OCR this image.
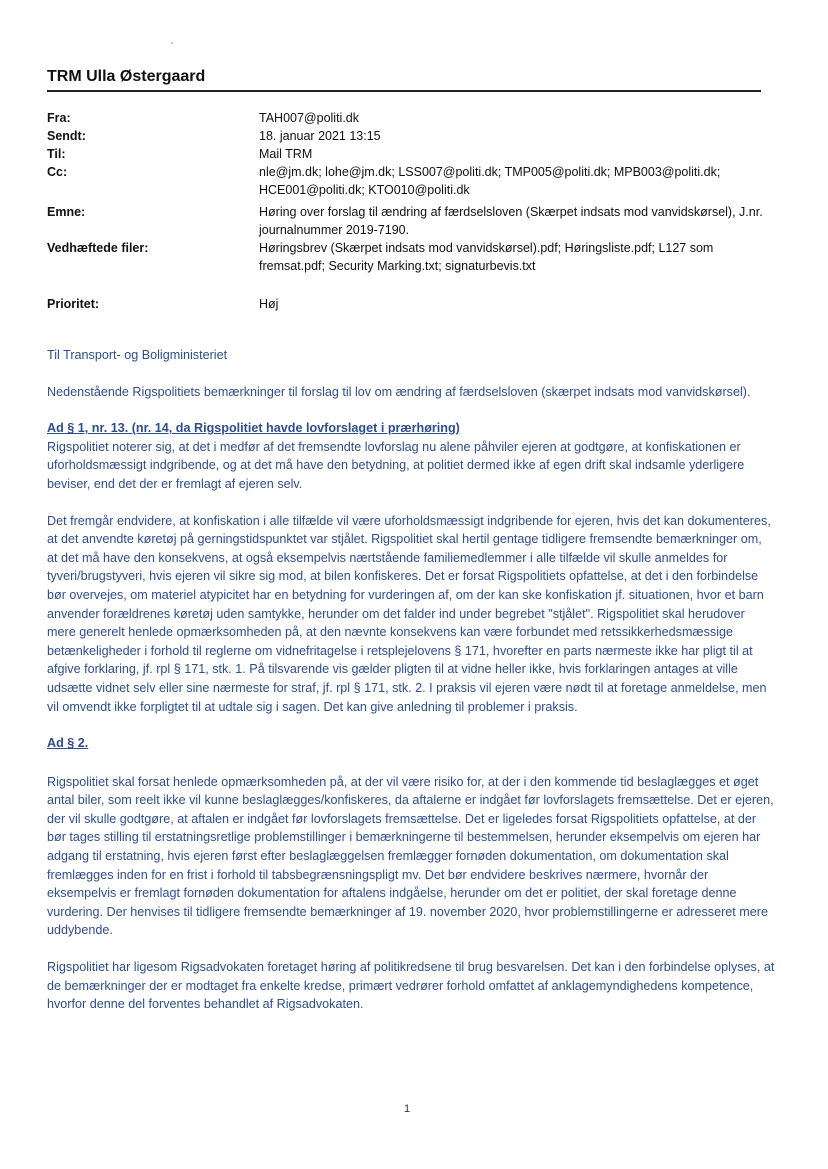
TRM Ulla Østergaard
Fra:	TAH007@politi.dk
Sendt:	18. januar 2021 13:15
Til:	Mail TRM
Cc:	nle@jm.dk; lohe@jm.dk; LSS007@politi.dk; TMP005@politi.dk; MPB003@politi.dk; HCE001@politi.dk; KTO010@politi.dk
Emne:	Høring over forslag til ændring af færdselsloven (Skærpet indsats mod vanvidskørsel), J.nr. journalnummer 2019-7190.
Vedhæftede filer:	Høringsbrev (Skærpet indsats mod vanvidskørsel).pdf; Høringsliste.pdf; L127 som fremsat.pdf; Security Marking.txt; signaturbevis.txt
Prioritet:	Høj

Til Transport- og Boligministeriet

Nedenstående Rigspolitiets bemærkninger til forslag til lov om ændring af færdselsloven (skærpet indsats mod vanvidskørsel).

Ad § 1, nr. 13. (nr. 14, da Rigspolitiet havde lovforslaget i prærhøring)

Rigspolitiet noterer sig, at det i medfør af det fremsendte lovforslag nu alene påhviler ejeren at godtgøre, at konfiskationen er uforholdsmæssigt indgribende, og at det må have den betydning, at politiet dermed ikke af egen drift skal indsamle yderligere beviser, end det der er fremlagt af ejeren selv.

Det fremgår endvidere, at konfiskation i alle tilfælde vil være uforholdsmæssigt indgribende for ejeren, hvis det kan dokumenteres, at det anvendte køretøj på gerningstidspunktet var stjålet. Rigspolitiet skal hertil gentage tidligere fremsendte bemærkninger om, at det må have den konsekvens, at også eksempelvis nærtstående familiemedlemmer i alle tilfælde vil skulle anmeldes for tyveri/brugstyveri, hvis ejeren vil sikre sig mod, at bilen konfiskeres. Det er forsat Rigspolitiets opfattelse, at det i den forbindelse bør overvejes, om materiel atypicitet har en betydning for vurderingen af, om der kan ske konfiskation jf. situationen, hvor et barn anvender forældrenes køretøj uden samtykke, herunder om det falder ind under begrebet "stjålet". Rigspolitiet skal herudover mere generelt henlede opmærksomheden på, at den nævnte konsekvens kan være forbundet med retssikkerhedsmæssige betænkeligheder i forhold til reglerne om vidnefritagelse i retsplejelovens § 171, hvorefter en parts nærmeste ikke har pligt til at afgive forklaring, jf. rpl § 171, stk. 1. På tilsvarende vis gælder pligten til at vidne heller ikke, hvis forklaringen antages at ville udsætte vidnet selv eller sine nærmeste for straf, jf. rpl § 171, stk. 2. I praksis vil ejeren være nødt til at foretage anmeldelse, men vil omvendt ikke forpligtet til at udtale sig i sagen. Det kan give anledning til problemer i praksis.

Ad § 2.

Rigspolitiet skal forsat henlede opmærksomheden på, at der vil være risiko for, at der i den kommende tid beslaglægges et øget antal biler, som reelt ikke vil kunne beslaglægges/konfiskeres, da aftalerne er indgået før lovforslagets fremsættelse. Det er ejeren, der vil skulle godtgøre, at aftalen er indgået før lovforslagets fremsættelse. Det er ligeledes forsat Rigspolitiets opfattelse, at der bør tages stilling til erstatningsretlige problemstillinger i bemærkningerne til bestemmelsen, herunder eksempelvis om ejeren har adgang til erstatning, hvis ejeren først efter beslaglæggelsen fremlægger fornøden dokumentation, om dokumentation skal fremlægges inden for en frist i forhold til tabsbegrænsningspligt mv. Det bør endvidere beskrives nærmere, hvornår der eksempelvis er fremlagt fornøden dokumentation for aftalens indgåelse, herunder om det er politiet, der skal foretage denne vurdering. Der henvises til tidligere fremsendte bemærkninger af 19. november 2020, hvor problemstillingerne er adresseret mere uddybende.

Rigspolitiet har ligesom Rigsadvokaten foretaget høring af politikredsene til brug besvarelsen. Det kan i den forbindelse oplyses, at de bemærkninger der er modtaget fra enkelte kredse, primært vedrører forhold omfattet af anklagemyndighedens kompetence, hvorfor denne del forventes behandlet af Rigsadvokaten.

1
